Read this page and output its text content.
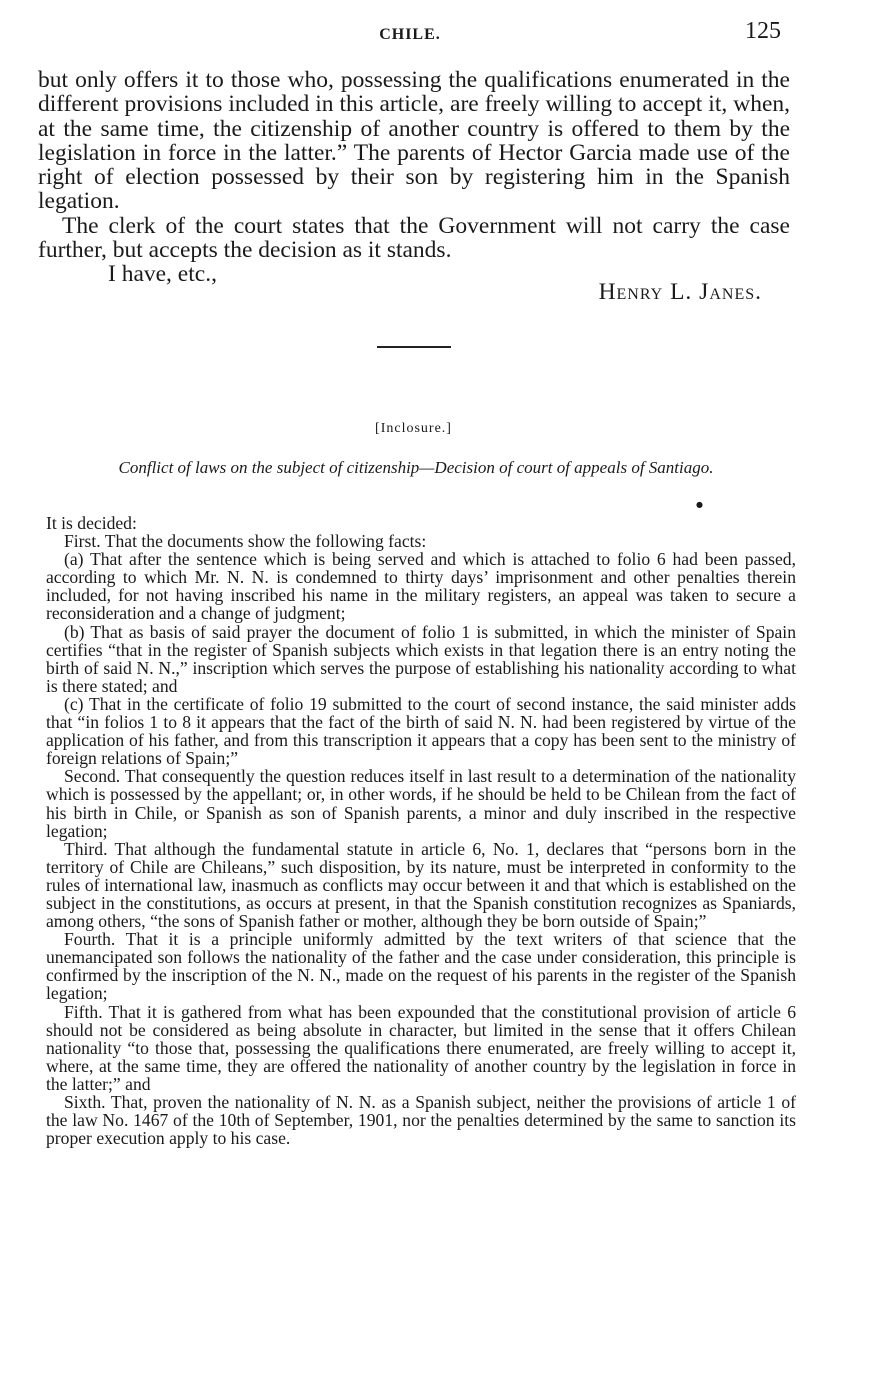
CHILE.	125

but only offers it to those who, possessing the qualifications enumerated in the different provisions included in this article, are freely willing to accept it, when, at the same time, the citizenship of another country is offered to them by the legislation in force in the latter.” The parents of Hector Garcia made use of the right of election possessed by their son by registering him in the Spanish legation.

The clerk of the court states that the Government will not carry the case further, but accepts the decision as it stands.

I have, etc.,
Henry L. Janes.
[Inclosure.]
Conflict of laws on the subject of citizenship—Decision of court of appeals of Santiago.
●

It is decided:

First. That the documents show the following facts:

(a) That after the sentence which is being served and which is attached to folio 6 had been passed, according to which Mr. N. N. is condemned to thirty days’ imprisonment and other penalties therein included, for not having inscribed his name in the military registers, an appeal was taken to secure a reconsideration and a change of judgment;

(b) That as basis of said prayer the document of folio 1 is submitted, in which the minister of Spain certifies “that in the register of Spanish subjects which exists in that legation there is an entry noting the birth of said N. N.,” inscription which serves the purpose of establishing his nationality according to what is there stated; and

(c) That in the certificate of folio 19 submitted to the court of second instance, the said minister adds that “in folios 1 to 8 it appears that the fact of the birth of said N. N. had been registered by virtue of the application of his father, and from this transcription it appears that a copy has been sent to the ministry of foreign relations of Spain;”

Second. That consequently the question reduces itself in last result to a determination of the nationality which is possessed by the appellant; or, in other words, if he should be held to be Chilean from the fact of his birth in Chile, or Spanish as son of Spanish parents, a minor and duly inscribed in the respective legation;

Third. That although the fundamental statute in article 6, No. 1, declares that “persons born in the territory of Chile are Chileans,” such disposition, by its nature, must be interpreted in conformity to the rules of international law, inasmuch as conflicts may occur between it and that which is established on the subject in the constitutions, as occurs at present, in that the Spanish constitution recognizes as Spaniards, among others, “the sons of Spanish father or mother, although they be born outside of Spain;”

Fourth. That it is a principle uniformly admitted by the text writers of that science that the unemancipated son follows the nationality of the father and the case under consideration, this principle is confirmed by the inscription of the N. N., made on the request of his parents in the register of the Spanish legation;

Fifth. That it is gathered from what has been expounded that the constitutional provision of article 6 should not be considered as being absolute in character, but limited in the sense that it offers Chilean nationality “to those that, possessing the qualifications there enumerated, are freely willing to accept it, where, at the same time, they are offered the nationality of another country by the legislation in force in the latter;” and

Sixth. That, proven the nationality of N. N. as a Spanish subject, neither the provisions of article 1 of the law No. 1467 of the 10th of September, 1901, nor the penalties determined by the same to sanction its proper execution apply to his case.
